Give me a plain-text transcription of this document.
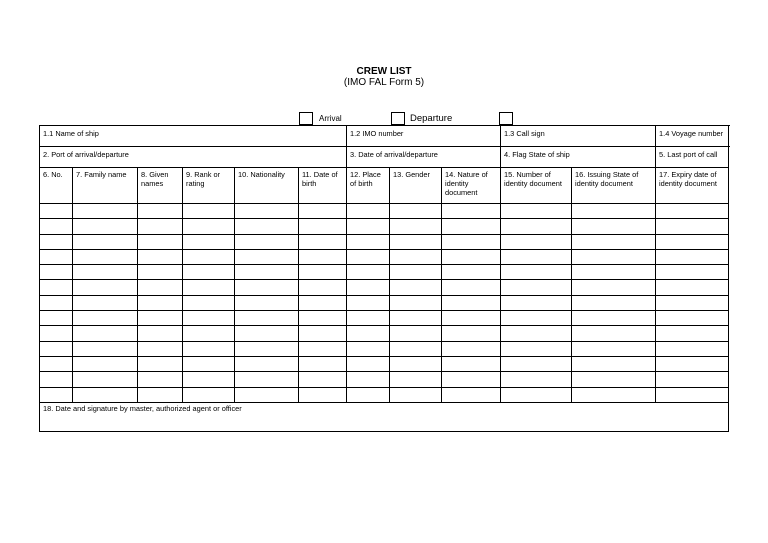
CREW LIST
(IMO FAL Form 5)
Arrival	Departure
1.1 Name of ship						1.2 IMO number			1.3 Call sign		1.4 Voyage number
2. Port of arrival/departure						3. Date of arrival/departure			4. Flag State of ship		5. Last port of call
6. No.	7. Family name	8. Given names	9. Rank or rating	10. Nationality	11. Date of birth	12. Place of birth	13. Gender	14. Nature of identity document	15. Number of identity document	16. Issuing State of identity document	17. Expiry date of identity document

18. Date and signature by master, authorized agent or officer											
